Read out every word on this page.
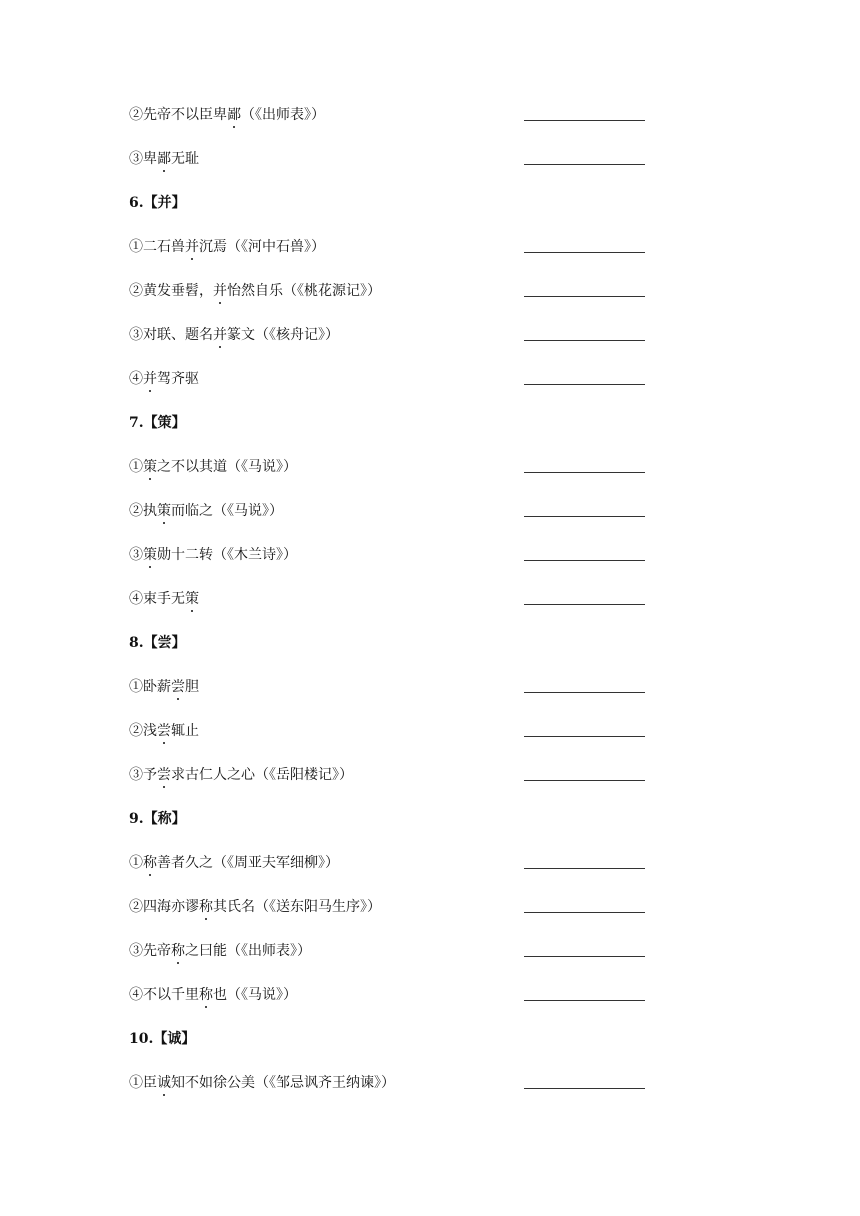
②先帝不以臣卑鄙（《出师表》）
③卑鄙无耻
6.【并】
①二石兽并沉焉（《河中石兽》）
②黄发垂髫，并怡然自乐（《桃花源记》）
③对联、题名并篆文（《核舟记》）
④并驾齐驱
7.【策】
①策之不以其道（《马说》）
②执策而临之（《马说》）
③策勋十二转（《木兰诗》）
④束手无策
8.【尝】
①卧薪尝胆
②浅尝辄止
③予尝求古仁人之心（《岳阳楼记》）
9.【称】
①称善者久之（《周亚夫军细柳》）
②四海亦谬称其氏名（《送东阳马生序》）
③先帝称之曰能（《出师表》）
④不以千里称也（《马说》）
10.【诚】
①臣诚知不如徐公美（《邹忌讽齐王纳谏》）
